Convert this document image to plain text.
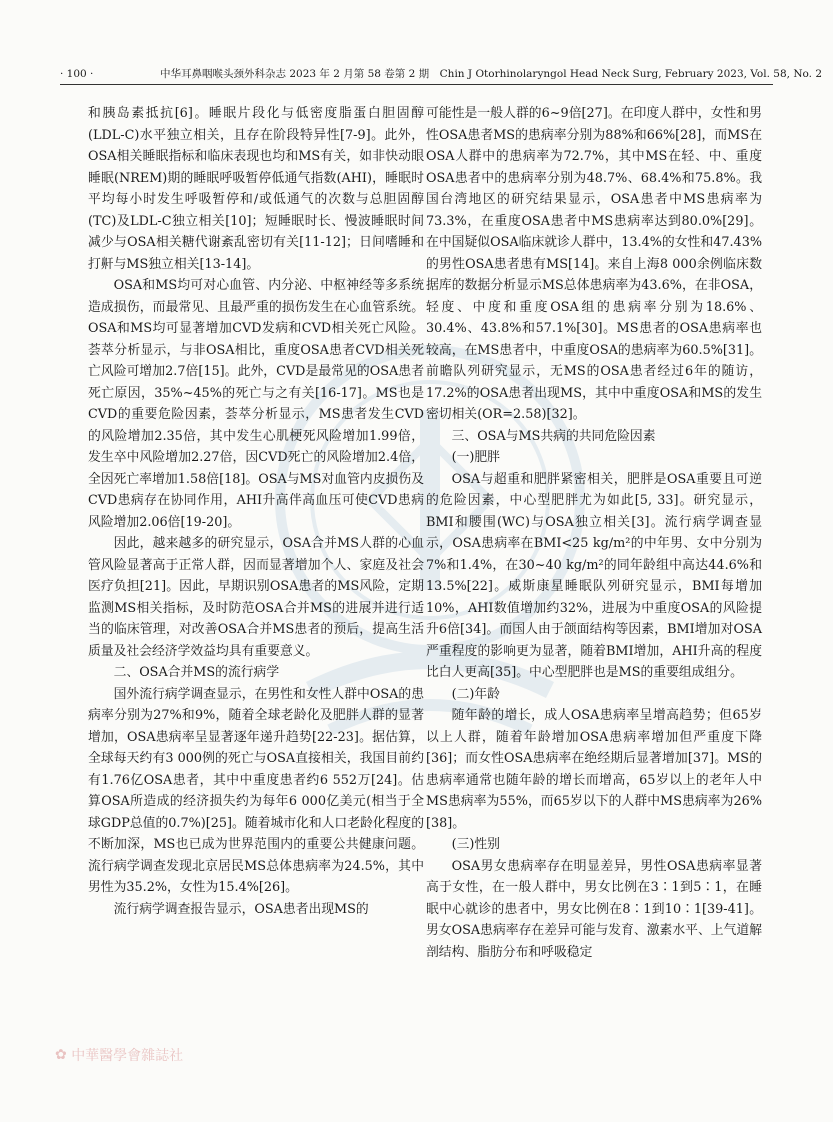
· 100 ·	中华耳鼻咽喉头颈外科杂志 2023 年 2 月第 58 卷第 2 期　Chin J Otorhinolaryngol Head Neck Surg, February 2023, Vol. 58, No. 2

和胰岛素抵抗[6]。睡眠片段化与低密度脂蛋白胆固醇(LDL-C)水平独立相关，且存在阶段特异性[7-9]。此外，OSA相关睡眠指标和临床表现也均和MS有关，如非快动眼睡眠(NREM)期的睡眠呼吸暂停低通气指数(AHI)，睡眠时平均每小时发生呼吸暂停和/或低通气的次数与总胆固醇(TC)及LDL-C独立相关[10]；短睡眠时长、慢波睡眠时间减少与OSA相关糖代谢紊乱密切有关[11-12]；日间嗜睡和打鼾与MS独立相关[13-14]。

OSA和MS均可对心血管、内分泌、中枢神经等多系统造成损伤，而最常见、且最严重的损伤发生在心血管系统。OSA和MS均可显著增加CVD发病和CVD相关死亡风险。荟萃分析显示，与非OSA相比，重度OSA患者CVD相关死亡风险可增加2.7倍[15]。此外，CVD是最常见的OSA患者死亡原因，35%~45%的死亡与之有关[16-17]。MS也是CVD的重要危险因素，荟萃分析显示，MS患者发生CVD的风险增加2.35倍，其中发生心肌梗死风险增加1.99倍，发生卒中风险增加2.27倍，因CVD死亡的风险增加2.4倍，全因死亡率增加1.58倍[18]。OSA与MS对血管内皮损伤及CVD患病存在协同作用，AHI升高伴高血压可使CVD患病风险增加2.06倍[19-20]。

因此，越来越多的研究显示，OSA合并MS人群的心血管风险显著高于正常人群，因而显著增加个人、家庭及社会医疗负担[21]。因此，早期识别OSA患者的MS风险，定期监测MS相关指标，及时防范OSA合并MS的进展并进行适当的临床管理，对改善OSA合并MS患者的预后，提高生活质量及社会经济学效益均具有重要意义。

二、OSA合并MS的流行病学

国外流行病学调查显示，在男性和女性人群中OSA的患病率分别为27%和9%，随着全球老龄化及肥胖人群的显著增加，OSA患病率呈显著逐年递升趋势[22-23]。据估算，全球每天约有3 000例的死亡与OSA直接相关，我国目前约有1.76亿OSA患者，其中中重度患者约6 552万[24]。估算OSA所造成的经济损失约为每年6 000亿美元(相当于全球GDP总值的0.7%)[25]。随着城市化和人口老龄化程度的不断加深，MS也已成为世界范围内的重要公共健康问题。流行病学调查发现北京居民MS总体患病率为24.5%，其中男性为35.2%，女性为15.4%[26]。

流行病学调查报告显示，OSA患者出现MS的

可能性是一般人群的6~9倍[27]。在印度人群中，女性和男性OSA患者MS的患病率分别为88%和66%[28]，而MS在OSA人群中的患病率为72.7%，其中MS在轻、中、重度OSA患者中的患病率分别为48.7%、68.4%和75.8%。我国台湾地区的研究结果显示，OSA患者中MS患病率为73.3%，在重度OSA患者中MS患病率达到80.0%[29]。在中国疑似OSA临床就诊人群中，13.4%的女性和47.43%的男性OSA患者患有MS[14]。来自上海8 000余例临床数据库的数据分析显示MS总体患病率为43.6%，在非OSA，轻度、中度和重度OSA组的患病率分别为18.6%、30.4%、43.8%和57.1%[30]。MS患者的OSA患病率也较高，在MS患者中，中重度OSA的患病率为60.5%[31]。前瞻队列研究显示，无MS的OSA患者经过6年的随访，17.2%的OSA患者出现MS，其中中重度OSA和MS的发生密切相关(OR=2.58)[32]。

三、OSA与MS共病的共同危险因素
(一)肥胖

OSA与超重和肥胖紧密相关，肥胖是OSA重要且可逆的危险因素，中心型肥胖尤为如此[5, 33]。研究显示，BMI和腰围(WC)与OSA独立相关[3]。流行病学调查显示，OSA患病率在BMI<25 kg/m²的中年男、女中分别为7%和1.4%，在30~40 kg/m²的同年龄组中高达44.6%和13.5%[22]。威斯康星睡眠队列研究显示，BMI每增加10%，AHI数值增加约32%，进展为中重度OSA的风险提升6倍[34]。而国人由于颌面结构等因素，BMI增加对OSA严重程度的影响更为显著，随着BMI增加，AHI升高的程度比白人更高[35]。中心型肥胖也是MS的重要组成组分。

(二)年龄

随年龄的增长，成人OSA患病率呈增高趋势；但65岁以上人群，随着年龄增加OSA患病率增加但严重度下降[36]；而女性OSA患病率在绝经期后显著增加[37]。MS的患病率通常也随年龄的增长而增高，65岁以上的老年人中MS患病率为55%，而65岁以下的人群中MS患病率为26%[38]。

(三)性别

OSA男女患病率存在明显差异，男性OSA患病率显著高于女性，在一般人群中，男女比例在3∶1到5∶1，在睡眠中心就诊的患者中，男女比例在8∶1到10∶1[39-41]。男女OSA患病率存在差异可能与发育、激素水平、上气道解剖结构、脂肪分布和呼吸稳定

✿ 中華醫學會雜誌社
